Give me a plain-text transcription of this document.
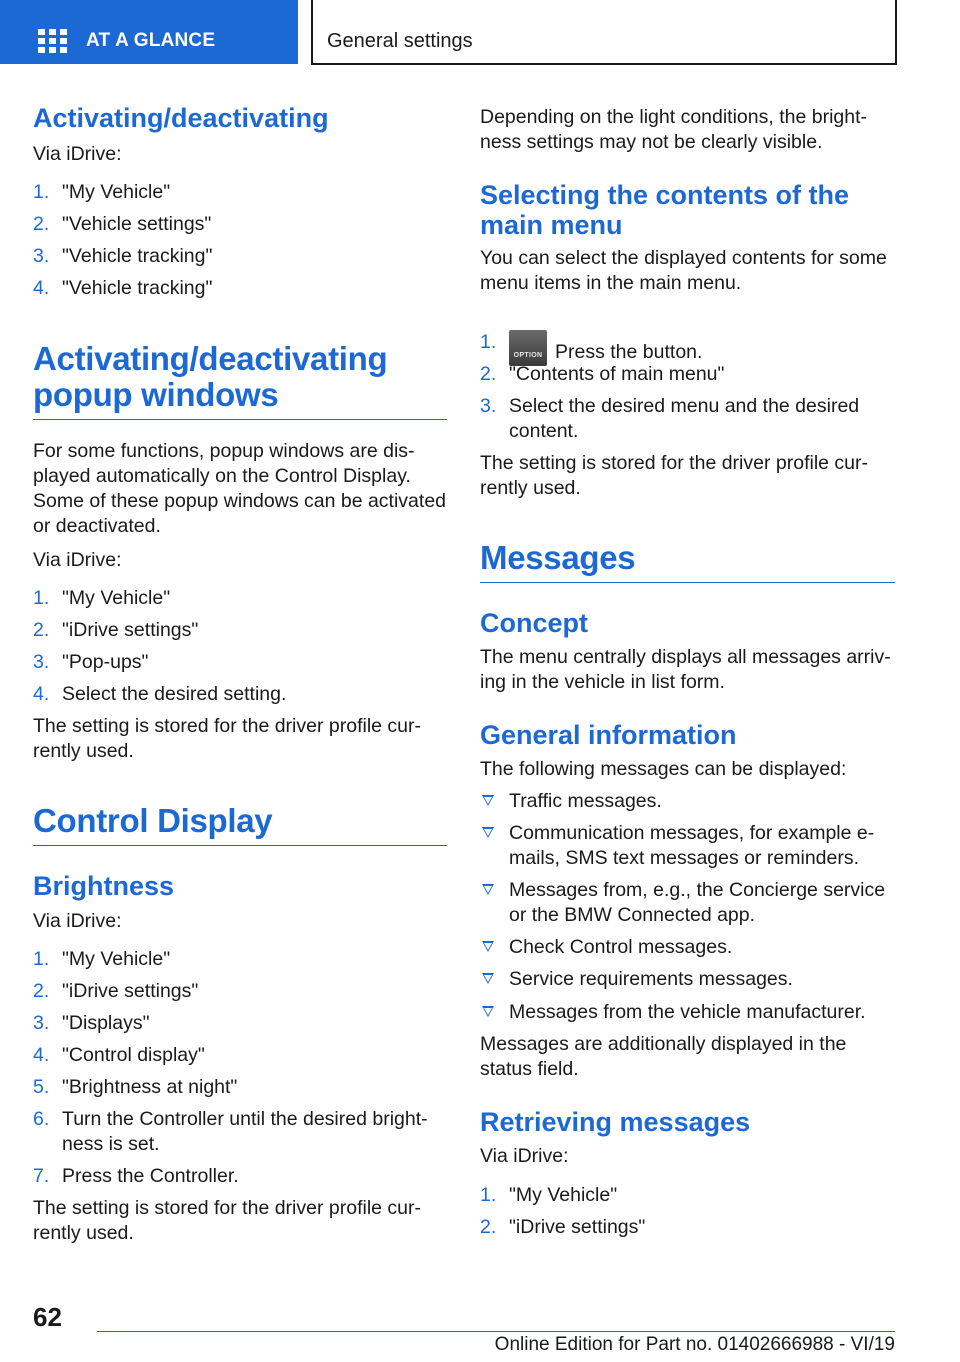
AT A GLANCE	General settings
Activating/deactivating
Via iDrive:
1. "My Vehicle"
2. "Vehicle settings"
3. "Vehicle tracking"
4. "Vehicle tracking"
Activating/deactivating
popup windows
For some functions, popup windows are dis‐ played automatically on the Control Display. Some of these popup windows can be activated or deactivated.
Via iDrive:
1. "My Vehicle"
2. "iDrive settings"
3. "Pop-ups"
4. Select the desired setting.
The setting is stored for the driver profile cur‐ rently used.
Control Display
Brightness
Via iDrive:
1. "My Vehicle"
2. "iDrive settings"
3. "Displays"
4. "Control display"
5. "Brightness at night"
6. Turn the Controller until the desired bright‐ ness is set.
7. Press the Controller.
The setting is stored for the driver profile cur‐ rently used.
Depending on the light conditions, the bright‐ ness settings may not be clearly visible.
Selecting the contents of the main menu
You can select the displayed contents for some menu items in the main menu.
1.
OPTION Press the button.
2. "Contents of main menu"
3. Select the desired menu and the desired content.
The setting is stored for the driver profile cur‐ rently used.
Messages
Concept
The menu centrally displays all messages arriv‐ ing in the vehicle in list form.
General information
The following messages can be displayed:
Traffic messages.
Communication messages, for example e- mails, SMS text messages or reminders.
Messages from, e.g., the Concierge service or the BMW Connected app.
Check Control messages.
Service requirements messages.
Messages from the vehicle manufacturer.
Messages are additionally displayed in the status field.
Retrieving messages
Via iDrive:
1. "My Vehicle"
2. "iDrive settings"
62
Online Edition for Part no. 01402666988 - VI/19
